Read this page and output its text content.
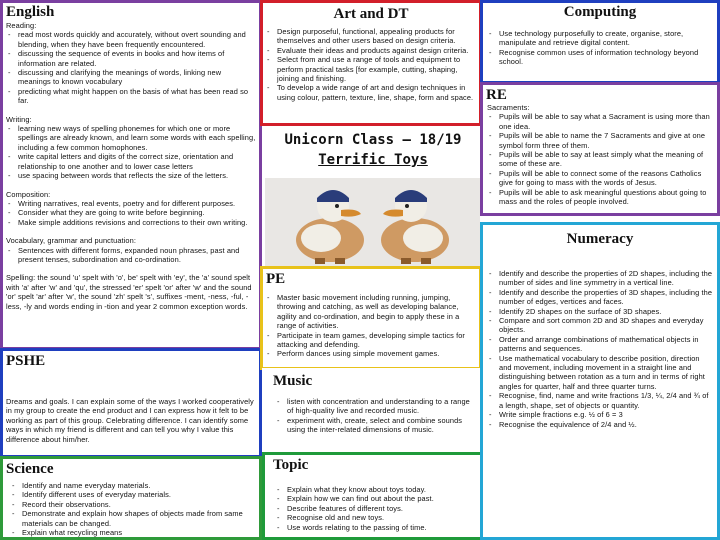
English

Reading:

- read most words quickly and accurately, without overt sounding and blending, when they have been frequently encountered.
- discussing the sequence of events in books and how items of information are related.
- discussing and clarifying the meanings of words, linking new meanings to known vocabulary
- predicting what might happen on the basis of what has been read so far.

Writing:

- learning new ways of spelling phonemes for which one or more spellings are already known, and learn some words with each spelling, including a few common homophones.
- write capital letters and digits of the correct size, orientation and relationship to one another and to lower case letters
- use spacing between words that reflects the size of the letters.

Composition:

- Writing narratives, real events, poetry and for different purposes.
- Consider what they are going to write before beginning.
- Make simple additions revisions and corrections to their own writing.

Vocabulary, grammar and punctuation:

- Sentences with different forms, expanded noun phrases, past and present tenses, subordination and co-ordination.

Spelling: the sound 'u' spelt with 'o', be' spelt with 'ey', the 'a' sound spelt with 'a' after 'w' and 'qu', the stressed 'er' spelt 'or' after 'w' and the sound 'or' spelt 'ar' after 'w', the sound 'zh' spelt 's', suffixes -ment, -ness, -ful, -less, -ly and words ending in -tion and year 2 common exception words.

PSHE
Dreams and goals. I can explain some of the ways I worked cooperatively in my group to create the end product and I can express how it felt to be working as part of this group. Celebrating difference. I can identify some ways in which my friend is different and can tell you why I value this difference about him/her.
Science
- Identify and name everyday materials.
- Identify different uses of everyday materials.
- Record their observations.
- Demonstrate and explain how shapes of objects made from same materials can be changed.
- Explain what recycling means
Art and DT
- Design purposeful, functional, appealing products for themselves and other users based on design criteria.
- Evaluate their ideas and products against design criteria.
- Select from and use a range of tools and equipment to perform practical tasks [for example, cutting, shaping, joining and finishing.
- To develop a wide range of art and design techniques in using colour, pattern, texture, line, shape, form and space.
Unicorn Class – 18/19
Terrific Toys
PE
- Master basic movement including running, jumping, throwing and catching, as well as developing balance, agility and co-ordination, and begin to apply these in a range of activities.
- Participate in team games, developing simple tactics for attacking and defending.
- Perform dances using simple movement games.
Music
- listen with concentration and understanding to a range of high-quality live and recorded music.
- experiment with, create, select and combine sounds using the inter-related dimensions of music.
Topic
- Explain what they know about toys today.
- Explain how we can find out about the past.
- Describe features of different toys.
- Recognise old and new toys.
- Use words relating to the passing of time.
Computing
- Use technology purposefully to create, organise, store, manipulate and retrieve digital content.
- Recognise common uses of information technology beyond school.
RE

Sacraments:

- Pupils will be able to say what a Sacrament is using more than one idea.
- Pupils will be able to name the 7 Sacraments and give at one symbol form three of them.
- Pupils will be able to say at least simply what the meaning of some of these are.
- Pupils will be able to connect some of the reasons Catholics give for going to mass with the words of Jesus.
- Pupils will be able to ask meaningful questions about going to mass and the roles of people involved.
Numeracy
- Identify and describe the properties of 2D shapes, including the number of sides and line symmetry in a vertical line.
- Identify and describe the properties of 3D shapes, including the number of edges, vertices and faces.
- Identify 2D shapes on the surface of 3D shapes.
- Compare and sort common 2D and 3D shapes and everyday objects.
- Order and arrange combinations of mathematical objects in patterns and sequences.
- Use mathematical vocabulary to describe position, direction and movement, including movement in a straight line and distinguishing between rotation as a turn and in terms of right angles for quarter, half and three quarter turns.
- Recognise, find, name and write fractions 1/3, ¼, 2/4 and ¾ of a length, shape, set of objects or quantity.
- Write simple fractions e.g. ½ of 6 = 3
- Recognise the equivalence of 2/4 and ½.
